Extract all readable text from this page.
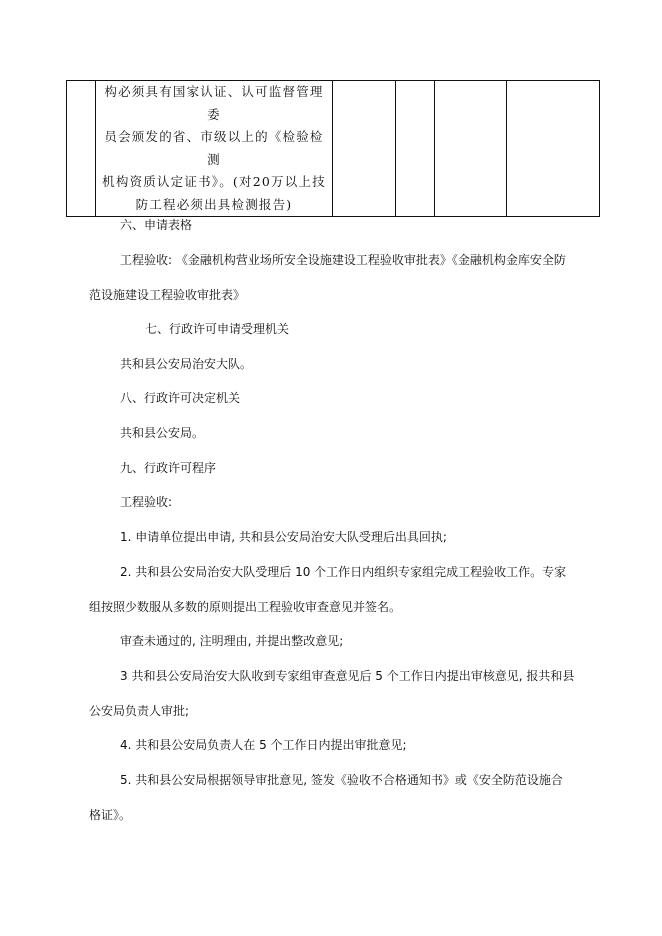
构必须具有国家认证、认可监督管理委
员会颁发的省、市级以上的《检验检测
机构资质认定证书》。(对20万以上技
防工程必须出具检测报告)

六、申请表格
工程验收: 《金融机构营业场所安全设施建设工程验收审批表》《金融机构金库安全防
范设施建设工程验收审批表》
七、行政许可申请受理机关
共和县公安局治安大队。
八、行政许可决定机关
共和县公安局。
九、行政许可程序
工程验收:
1. 申请单位提出申请, 共和县公安局治安大队受理后出具回执;
2. 共和县公安局治安大队受理后 10 个工作日内组织专家组完成工程验收工作。专家
组按照少数服从多数的原则提出工程验收审查意见并签名。
审查未通过的, 注明理由, 并提出整改意见;
3 共和县公安局治安大队收到专家组审查意见后 5 个工作日内提出审核意见, 报共和县
公安局负责人审批;
4. 共和县公安局负责人在 5 个工作日内提出审批意见;
5. 共和县公安局根据领导审批意见, 签发《验收不合格通知书》或《安全防范设施合
格证》。
